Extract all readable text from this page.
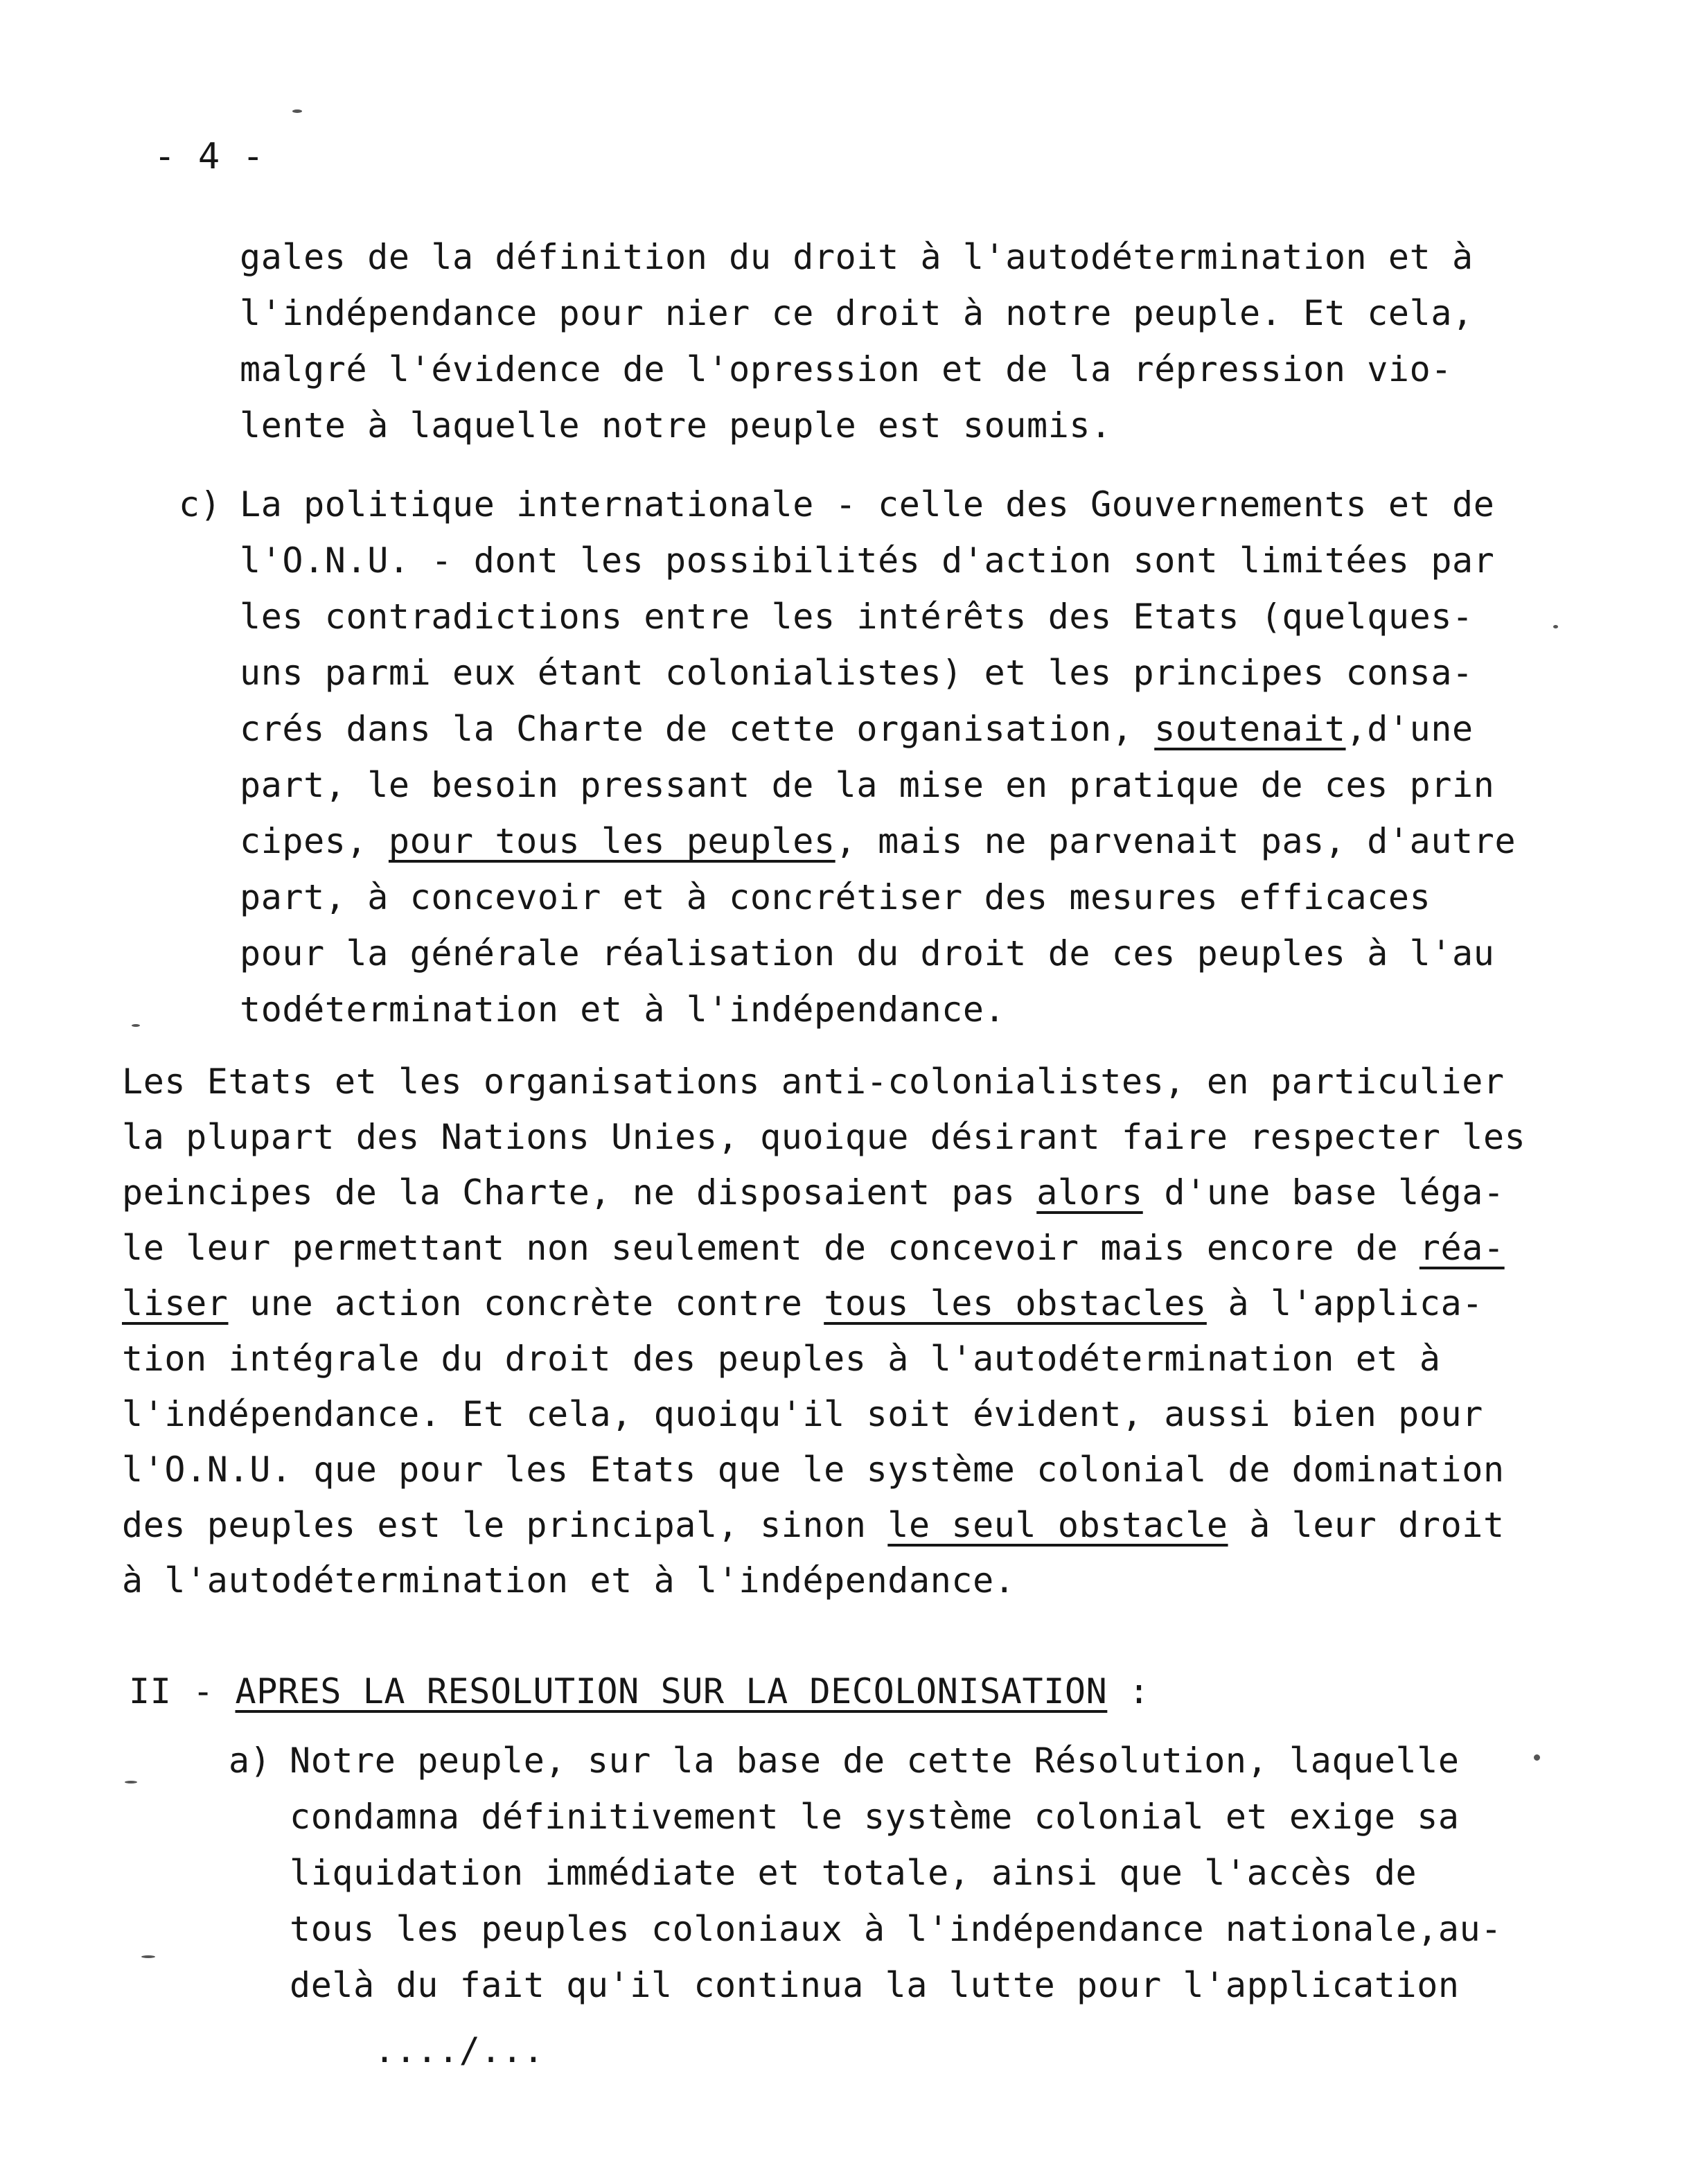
- 4 -
gales de la définition du droit à l'autodétermination et à
l'indépendance pour nier ce droit à notre peuple. Et cela,
malgré l'évidence de l'opression et de la répression vio-
lente à laquelle notre peuple est soumis.
c) La politique internationale - celle des Gouvernements et de
l'O.N.U. - dont les possibilités d'action sont limitées par
les contradictions entre les intérêts des Etats (quelques-
uns parmi eux étant colonialistes) et les principes consa-
crés dans la Charte de cette organisation, soutenait,d'une
part, le besoin pressant de la mise en pratique de ces prin
cipes, pour tous les peuples, mais ne parvenait pas, d'autre
part, à concevoir et à concrétiser des mesures efficaces
pour la générale réalisation du droit de ces peuples à l'au
todétermination et à l'indépendance.
Les Etats et les organisations anti-colonialistes, en particulier
la plupart des Nations Unies, quoique désirant faire respecter les
peincipes de la Charte, ne disposaient pas alors d'une base léga-
le leur permettant non seulement de concevoir mais encore de réa-
liser une action concrète contre tous les obstacles à l'applica-
tion intégrale du droit des peuples à l'autodétermination et à
l'indépendance. Et cela, quoiqu'il soit évident, aussi bien pour
l'O.N.U. que pour les Etats que le système colonial de domination
des peuples est le principal, sinon le seul obstacle à leur droit
à l'autodétermination et à l'indépendance.
II - APRES LA RESOLUTION SUR LA DECOLONISATION :
a) Notre peuple, sur la base de cette Résolution, laquelle
condamna définitivement le système colonial et exige sa
liquidation immédiate et totale, ainsi que l'accès de
tous les peuples coloniaux à l'indépendance nationale,au-
delà du fait qu'il continua la lutte pour l'application
..../...
